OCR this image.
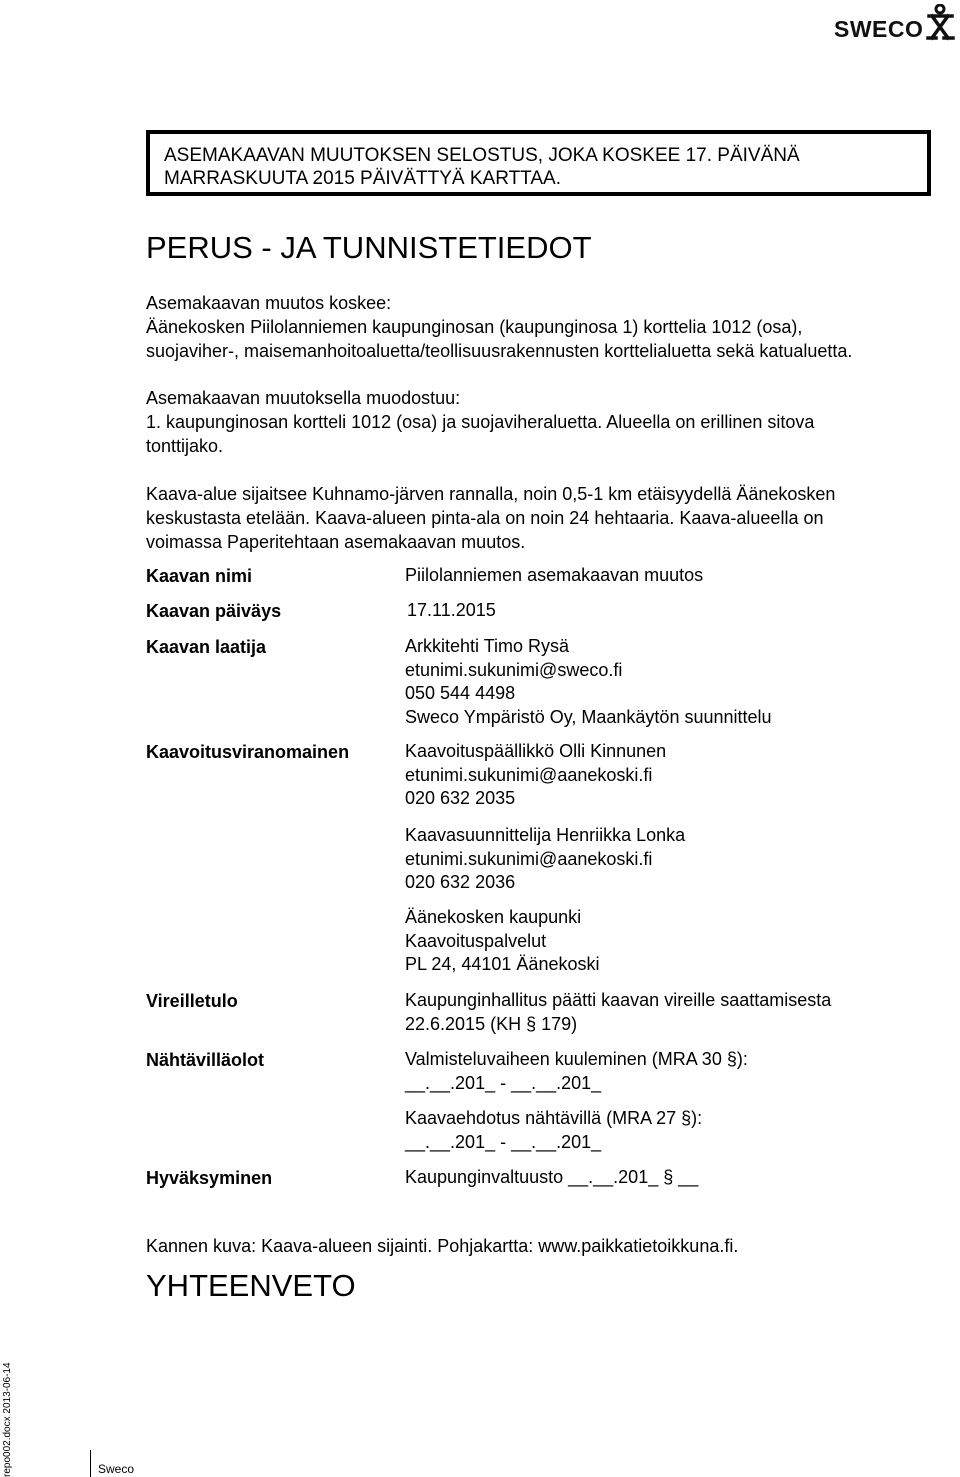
SWECO
ASEMAKAAVAN MUUTOKSEN SELOSTUS, JOKA KOSKEE 17. PÄIVÄNÄ
MARRASKUUTA 2015 PÄIVÄTTYÄ KARTTAA.
PERUS - JA TUNNISTETIEDOT
Asemakaavan muutos koskee:
Äänekosken Piilolanniemen kaupunginosan (kaupunginosa 1) korttelia 1012 (osa),
suojaviher-, maisemanhoitoaluetta/teollisuusrakennusten korttelialuetta sekä katualuetta.
Asemakaavan muutoksella muodostuu:
1. kaupunginosan kortteli 1012 (osa) ja suojaviheraluetta. Alueella on erillinen sitova
tonttijako.
Kaava-alue sijaitsee Kuhnamo-järven rannalla, noin 0,5-1 km etäisyydellä Äänekosken
keskustasta etelään. Kaava-alueen pinta-ala on noin 24 hehtaaria. Kaava-alueella on
voimassa Paperitehtaan asemakaavan muutos.
Kaavan nimi	Piilolanniemen asemakaavan muutos
Kaavan päiväys	17.11.2015
Kaavan laatija	Arkkitehti Timo Rysä
etunimi.sukunimi@sweco.fi
050 544 4498
Sweco Ympäristö Oy, Maankäytön suunnittelu
Kaavoitusviranomainen	Kaavoituspäällikkö Olli Kinnunen
etunimi.sukunimi@aanekoski.fi
020 632 2035
Kaavasuunnittelija Henriikka Lonka
etunimi.sukunimi@aanekoski.fi
020 632 2036
Äänekosken kaupunki
Kaavoituspalvelut
PL 24, 44101 Äänekoski
Vireilletulo	Kaupunginhallitus päätti kaavan vireille saattamisesta
22.6.2015 (KH § 179)
Nähtävilläolot	Valmisteluvaiheen kuuleminen (MRA 30 §):
__.__.201_ - __.__.201_
Kaavaehdotus nähtävillä (MRA 27 §):
__.__.201_ - __.__.201_
Hyväksyminen	Kaupunginvaltuusto __.__.201_ § __
Kannen kuva: Kaava-alueen sijainti. Pohjakartta: www.paikkatietoikkuna.fi.
YHTEENVETO
Sweco
repo002.docx 2013-06-14
